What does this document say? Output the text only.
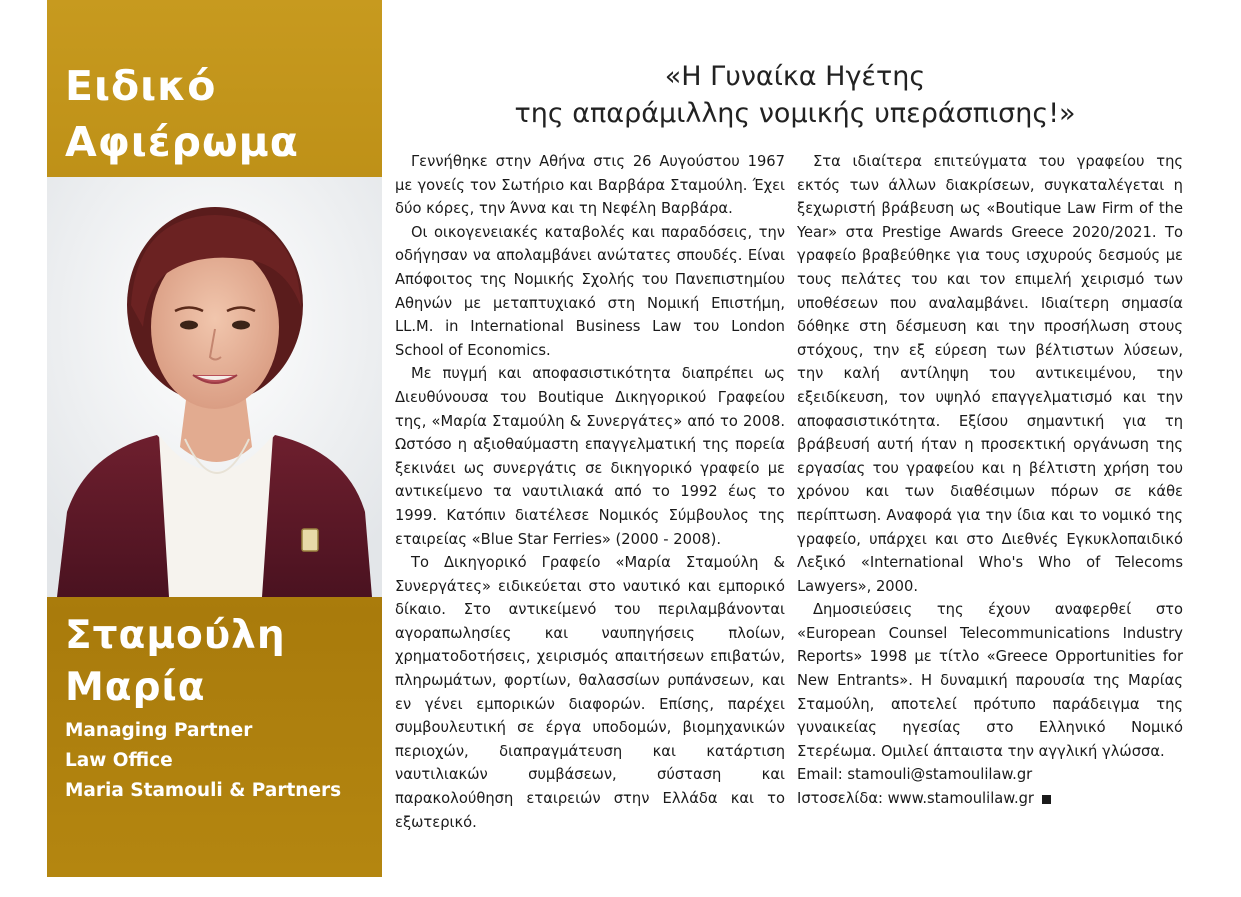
Ειδικό
Αφιέρωμα
Σταμούλη
Μαρία
Managing Partner
Law Office
Maria Stamouli & Partners
«Η Γυναίκα Ηγέτης
της απαράμιλλης νομικής υπεράσπισης!»

Γεννήθηκε στην Αθήνα στις 26 Αυγούστου 1967 με γονείς τον Σωτήριο και Βαρβάρα Σταμούλη. Έχει δύο κόρες, την Άννα και τη Νεφέλη Βαρβάρα.

Οι οικογενειακές καταβολές και παραδόσεις, την οδήγησαν να απολαμβάνει ανώτατες σπουδές. Είναι Απόφοιτος της Νομικής Σχολής του Πανεπιστημίου Αθηνών με μεταπτυχιακό στη Νομική Επιστήμη, LL.M. in International Business Law του London School of Economics.

Με πυγμή και αποφασιστικότητα διαπρέπει ως Διευθύνουσα του Boutique Δικηγορικού Γραφείου της, «Μαρία Σταμούλη & Συνεργάτες» από το 2008. Ωστόσο η αξιοθαύμαστη επαγγελματική της πορεία ξεκινάει ως συνεργάτις σε δικηγορικό γραφείο με αντικείμενο τα ναυτιλιακά από το 1992 έως το 1999. Κατόπιν διατέλεσε Νομικός Σύμβουλος της εταιρείας «Blue Star Ferries» (2000 - 2008).

Το Δικηγορικό Γραφείο «Μαρία Σταμούλη & Συνεργάτες» ειδικεύεται στο ναυτικό και εμπορικό δίκαιο. Στο αντικείμενό του περιλαμβάνονται αγοραπωλησίες και ναυπηγήσεις πλοίων, χρηματοδοτήσεις, χειρισμός απαιτήσεων επιβατών, πληρωμάτων, φορτίων, θαλασσίων ρυπάνσεων, και εν γένει εμπορικών διαφορών. Επίσης, παρέχει συμβουλευτική σε έργα υποδομών, βιομηχανικών περιοχών, διαπραγμάτευση και κατάρτιση ναυτιλιακών συμβάσεων, σύσταση και παρακολούθηση εταιρειών στην Ελλάδα και το εξωτερικό.

Στα ιδιαίτερα επιτεύγματα του γραφείου της εκτός των άλλων διακρίσεων, συγκαταλέγεται η ξεχωριστή βράβευση ως «Boutique Law Firm of the Year» στα Prestige Awards Greece 2020/2021. Το γραφείο βραβεύθηκε για τους ισχυρούς δεσμούς με τους πελάτες του και τον επιμελή χειρισμό των υποθέσεων που αναλαμβάνει. Ιδιαίτερη σημασία δόθηκε στη δέσμευση και την προσήλωση στους στόχους, την εξ εύρεση των βέλτιστων λύσεων, την καλή αντίληψη του αντικειμένου, την εξειδίκευση, τον υψηλό επαγγελματισμό και την αποφασιστικότητα. Εξίσου σημαντική για τη βράβευσή αυτή ήταν η προσεκτική οργάνωση της εργασίας του γραφείου και η βέλτιστη χρήση του χρόνου και των διαθέσιμων πόρων σε κάθε περίπτωση. Αναφορά για την ίδια και το νομικό της γραφείο, υπάρχει και στο Διεθνές Εγκυκλοπαιδικό Λεξικό «International Who's Who of Telecoms Lawyers», 2000.

Δημοσιεύσεις της έχουν αναφερθεί στο «European Counsel Telecommunications Industry Reports» 1998 με τίτλο «Greece Opportunities for New Entrants». Η δυναμική παρουσία της Μαρίας Σταμούλη, αποτελεί πρότυπο παράδειγμα της γυναικείας ηγεσίας στο Ελληνικό Νομικό Στερέωμα. Ομιλεί άπταιστα την αγγλική γλώσσα.

Email: stamouli@stamoulilaw.gr

Ιστοσελίδα: www.stamoulilaw.gr
